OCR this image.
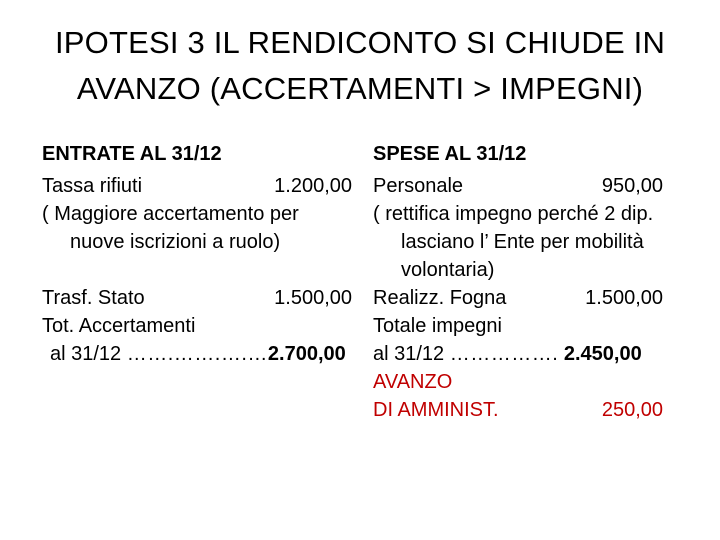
IPOTESI 3 IL RENDICONTO SI CHIUDE IN
AVANZO (ACCERTAMENTI > IMPEGNI)
ENTRATE AL 31/12
Tassa rifiuti	1.200,00
( Maggiore accertamento per nuove iscrizioni a ruolo)
Trasf. Stato	1.500,00
Tot. Accertamenti
al 31/12 …….…….….…2.700,00
SPESE AL 31/12
Personale	950,00
( rettifica impegno perché 2 dip. lasciano l’ Ente per mobilità volontaria)
Realizz. Fogna	1.500,00
Totale impegni
al 31/12 ……………. 2.450,00
AVANZO
DI AMMINIST.	250,00
